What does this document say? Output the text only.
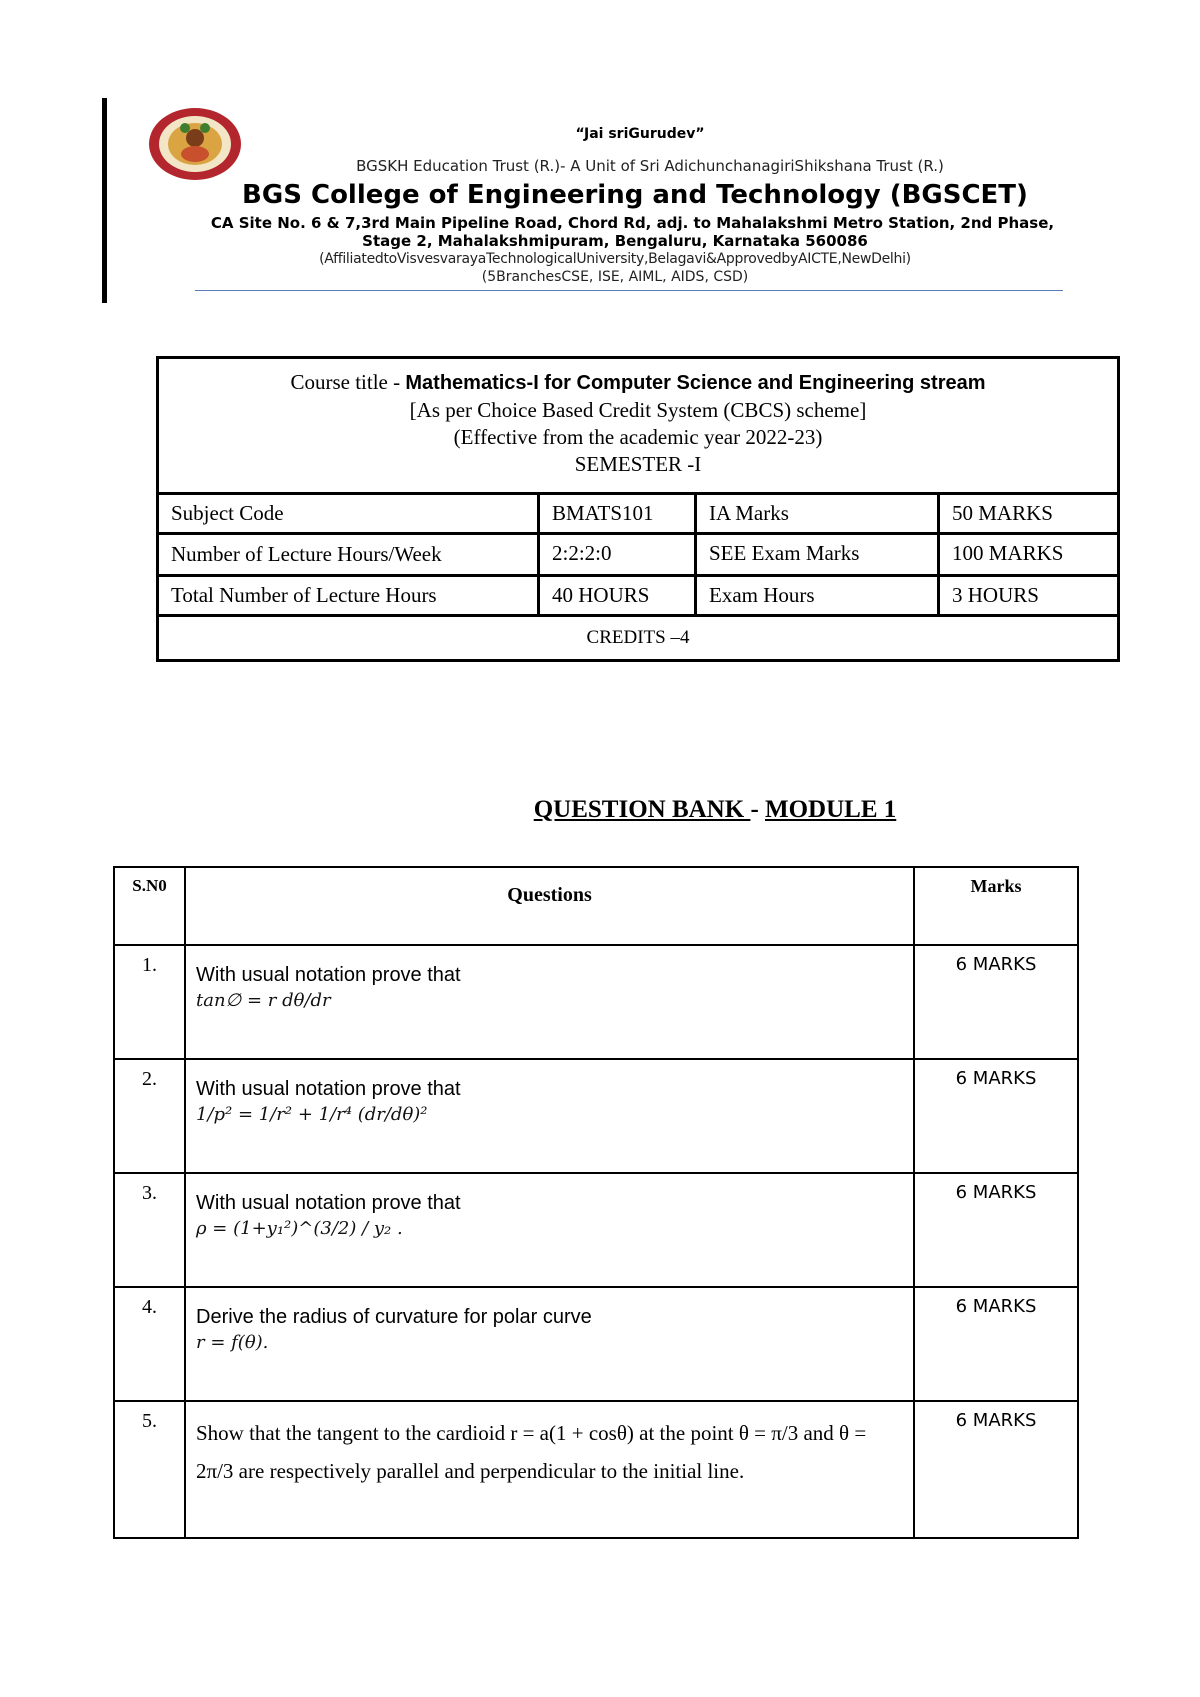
“Jai sriGurudev”
BGSKH Education Trust (R.)- A Unit of Sri AdichunchanagiriShikshana Trust (R.)
BGS College of Engineering and Technology (BGSCET)
CA Site No. 6 & 7,3rd Main Pipeline Road, Chord Rd, adj. to Mahalakshmi Metro Station, 2nd Phase,
Stage 2, Mahalakshmipuram, Bengaluru, Karnataka 560086
(AffiliatedtoVisvesvarayaTechnologicalUniversity,Belagavi&ApprovedbyAICTE,NewDelhi)
(5BranchesCSE, ISE, AIML, AIDS, CSD)
Course title - Mathematics-I for Computer Science and Engineering stream
[As per Choice Based Credit System (CBCS) scheme]
(Effective from the academic year 2022-23)
SEMESTER -I			

Subject Code	BMATS101	IA Marks	50 MARKS
Number of Lecture Hours/Week	2:2:2:0	SEE Exam Marks	100 MARKS
Total Number of Lecture Hours	40 HOURS	Exam Hours	3 HOURS
CREDITS –4			
QUESTION BANK - MODULE 1
S.N0	Questions	Marks
1.	With usual notation prove that
tan∅ = r dθ/dr	6 MARKS
2.	With usual notation prove that
1/p² = 1/r² + 1/r⁴ (dr/dθ)²	6 MARKS
3.	With usual notation prove that
ρ = (1+y₁²)^(3/2) / y₂ .	6 MARKS
4.	Derive the radius of curvature for polar curve
r = f(θ).	6 MARKS
5.	Show that the tangent to the cardioid r = a(1 + cosθ) at the point θ = π/3 and θ = 2π/3 are respectively parallel and perpendicular to the initial line.	6 MARKS
